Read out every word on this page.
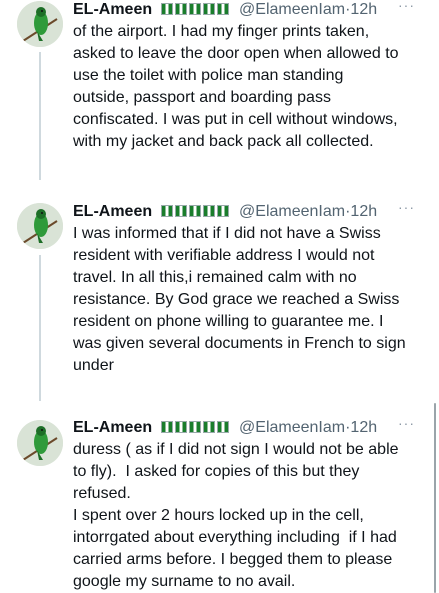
EL-Ameen	@ElameenIam·12h ···
of the airport. I had my finger prints taken,
asked to leave the door open when allowed to
use the toilet with police man standing
outside, passport and boarding pass
confiscated. I was put in cell without windows,
with my jacket and back pack all collected.
EL-Ameen	@ElameenIam·12h ···
I was informed that if I did not have a Swiss
resident with verifiable address I would not
travel. In all this,i remained calm with no
resistance. By God grace we reached a Swiss
resident on phone willing to guarantee me. I
was given several documents in French to sign
under
EL-Ameen	@ElameenIam·12h ···
duress ( as if I did not sign I would not be able
to fly).  I asked for copies of this but they
refused.
I spent over 2 hours locked up in the cell,
intorrgated about everything including  if I had
carried arms before. I begged them to please
google my surname to no avail.
